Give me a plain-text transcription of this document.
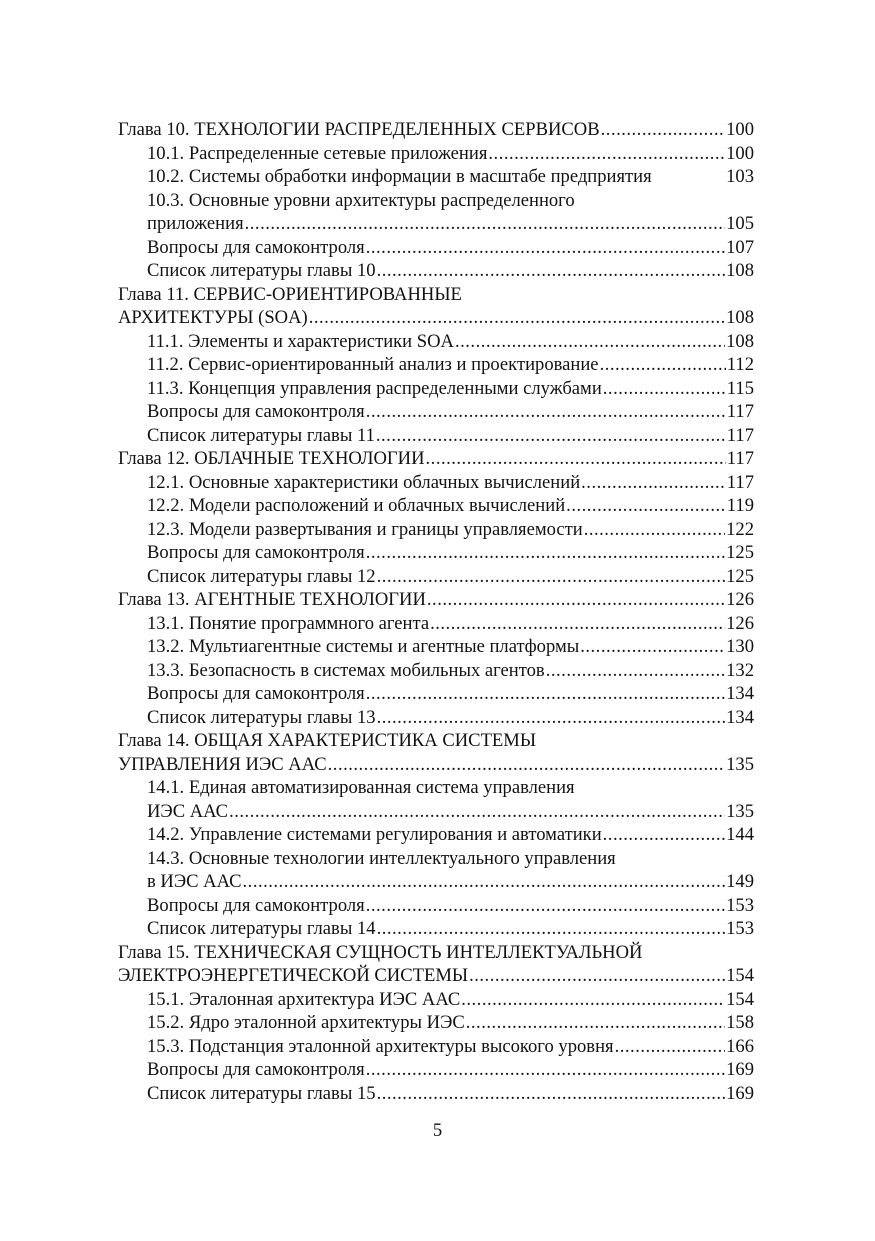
Глава 10. ТЕХНОЛОГИИ РАСПРЕДЕЛЕННЫХ СЕРВИСОВ .....	100
10.1. Распределенные сетевые приложения .....	100
10.2. Системы обработки информации в масштабе предприятия	103
10.3. Основные уровни архитектуры распределенного
приложения .....	105
Вопросы для самоконтроля .....	107
Список литературы главы 10 .....	108
Глава 11. СЕРВИС-ОРИЕНТИРОВАННЫЕ
АРХИТЕКТУРЫ (SOA) .....	108
11.1. Элементы и характеристики SOA .....	108
11.2. Сервис-ориентированный анализ и проектирование .....	112
11.3. Концепция управления распределенными службами .....	115
Вопросы для самоконтроля .....	117
Список литературы главы 11 .....	117
Глава 12. ОБЛАЧНЫЕ ТЕХНОЛОГИИ .....	117
12.1. Основные характеристики облачных вычислений .....	117
12.2. Модели расположений и облачных вычислений .....	119
12.3. Модели развертывания и границы управляемости .....	122
Вопросы для самоконтроля .....	125
Список литературы главы 12 .....	125
Глава 13. АГЕНТНЫЕ ТЕХНОЛОГИИ .....	126
13.1. Понятие программного агента .....	126
13.2. Мультиагентные системы и агентные платформы .....	130
13.3. Безопасность в системах мобильных агентов .....	132
Вопросы для самоконтроля .....	134
Список литературы главы 13 .....	134
Глава 14. ОБЩАЯ ХАРАКТЕРИСТИКА СИСТЕМЫ
УПРАВЛЕНИЯ ИЭС ААС .....	135
14.1. Единая автоматизированная система управления
ИЭС ААС .....	135
14.2. Управление системами регулирования и автоматики .....	144
14.3. Основные технологии интеллектуального управления
в ИЭС ААС .....	149
Вопросы для самоконтроля .....	153
Список литературы главы 14 .....	153
Глава 15. ТЕХНИЧЕСКАЯ СУЩНОСТЬ ИНТЕЛЛЕКТУАЛЬНОЙ
ЭЛЕКТРОЭНЕРГЕТИЧЕСКОЙ СИСТЕМЫ .....	154
15.1. Эталонная архитектура ИЭС ААС .....	154
15.2. Ядро эталонной архитектуры ИЭС .....	158
15.3. Подстанция эталонной архитектуры высокого уровня .....	166
Вопросы для самоконтроля .....	169
Список литературы главы 15 .....	169
5
